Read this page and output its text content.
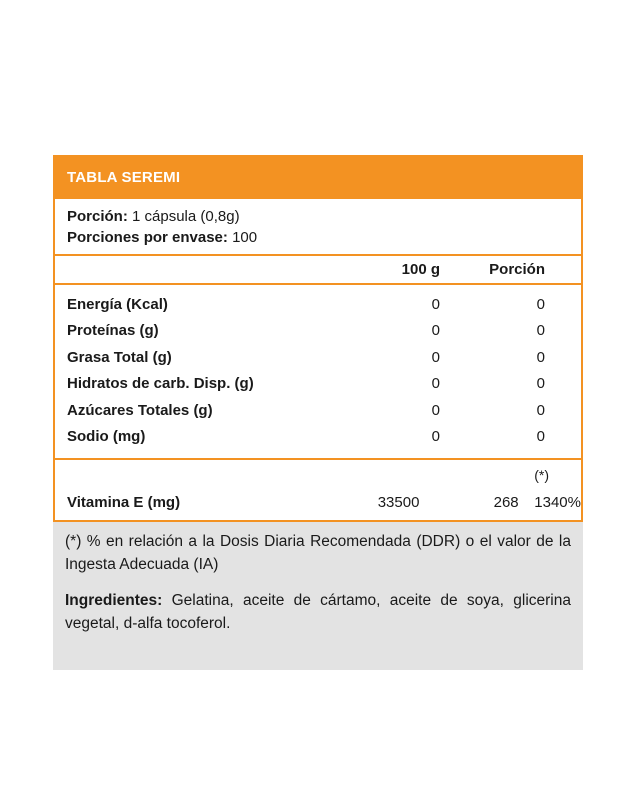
TABLA SEREMI
Porción: 1 cápsula (0,8g)
Porciones por envase: 100
100 g	Porción
Energía (Kcal)	0	0
Proteínas (g)	0	0
Grasa Total (g)	0	0
Hidratos de carb. Disp. (g)	0	0
Azúcares Totales (g)	0	0
Sodio (mg)	0	0
(*)
Vitamina E (mg)	33500	268	1340%

(*) % en relación a la Dosis Diaria Recomendada (DDR) o el valor de la Ingesta Adecuada (IA)

Ingredientes: Gelatina, aceite de cártamo, aceite de soya, glicerina vegetal, d-alfa tocoferol.
